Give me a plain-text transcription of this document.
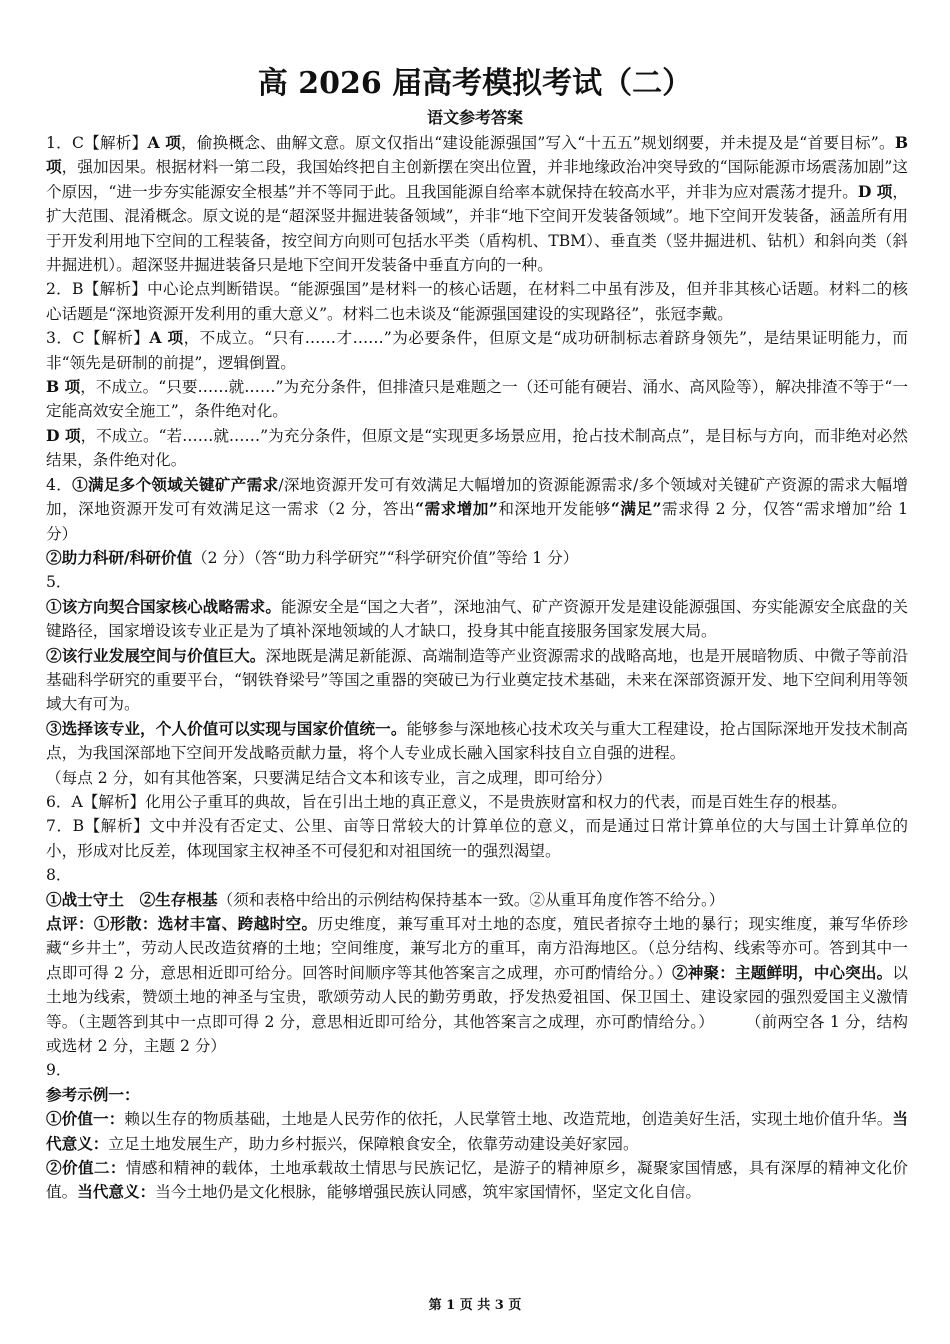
高 2026 届高考模拟考试（二）
语文参考答案

1．C【解析】A 项，偷换概念、曲解文意。原文仅指出“建设能源强国”写入“十五五”规划纲要，并未提及是“首要目标”。B 项，强加因果。根据材料一第二段，我国始终把自主创新摆在突出位置，并非地缘政治冲突导致的“国际能源市场震荡加剧”这个原因，“进一步夯实能源安全根基”并不等同于此。且我国能源自给率本就保持在较高水平，并非为应对震荡才提升。D 项，扩大范围、混淆概念。原文说的是“超深竖井掘进装备领域”，并非“地下空间开发装备领域”。地下空间开发装备，涵盖所有用于开发利用地下空间的工程装备，按空间方向则可包括水平类（盾构机、TBM）、垂直类（竖井掘进机、钻机）和斜向类（斜井掘进机）。超深竖井掘进装备只是地下空间开发装备中垂直方向的一种。

2．B【解析】中心论点判断错误。“能源强国”是材料一的核心话题，在材料二中虽有涉及，但并非其核心话题。材料二的核心话题是“深地资源开发利用的重大意义”。材料二也未谈及“能源强国建设的实现路径”，张冠李戴。

3．C【解析】A 项，不成立。“只有……才……”为必要条件，但原文是“成功研制标志着跻身领先”，是结果证明能力，而非“领先是研制的前提”，逻辑倒置。

B 项，不成立。“只要……就……”为充分条件，但排渣只是难题之一（还可能有硬岩、涌水、高风险等），解决排渣不等于“一定能高效安全施工”，条件绝对化。

D 项，不成立。“若……就……”为充分条件，但原文是“实现更多场景应用，抢占技术制高点”，是目标与方向，而非绝对必然结果，条件绝对化。

4．①满足多个领域关键矿产需求/深地资源开发可有效满足大幅增加的资源能源需求/多个领域对关键矿产资源的需求大幅增加，深地资源开发可有效满足这一需求（2 分，答出“需求增加”和深地开发能够“满足”需求得 2 分，仅答“需求增加”给 1 分）

②助力科研/科研价值（2 分）（答“助力科学研究”“科学研究价值”等给 1 分）

5．

①该方向契合国家核心战略需求。能源安全是“国之大者”，深地油气、矿产资源开发是建设能源强国、夯实能源安全底盘的关键路径，国家增设该专业正是为了填补深地领域的人才缺口，投身其中能直接服务国家发展大局。

②该行业发展空间与价值巨大。深地既是满足新能源、高端制造等产业资源需求的战略高地，也是开展暗物质、中微子等前沿基础科学研究的重要平台，“钢铁脊梁号”等国之重器的突破已为行业奠定技术基础，未来在深部资源开发、地下空间利用等领域大有可为。

③选择该专业，个人价值可以实现与国家价值统一。能够参与深地核心技术攻关与重大工程建设，抢占国际深地开发技术制高点，为我国深部地下空间开发战略贡献力量，将个人专业成长融入国家科技自立自强的进程。

（每点 2 分，如有其他答案，只要满足结合文本和该专业，言之成理，即可给分）

6．A【解析】化用公子重耳的典故，旨在引出土地的真正意义，不是贵族财富和权力的代表，而是百姓生存的根基。

7．B【解析】文中并没有否定丈、公里、亩等日常较大的计算单位的意义，而是通过日常计算单位的大与国土计算单位的小，形成对比反差，体现国家主权神圣不可侵犯和对祖国统一的强烈渴望。

8．

①战士守土　②生存根基（须和表格中给出的示例结构保持基本一致。②从重耳角度作答不给分。）

点评：①形散：选材丰富、跨越时空。历史维度，兼写重耳对土地的态度，殖民者掠夺土地的暴行；现实维度，兼写华侨珍藏“乡井土”，劳动人民改造贫瘠的土地；空间维度，兼写北方的重耳，南方沿海地区。（总分结构、线索等亦可。答到其中一点即可得 2 分，意思相近即可给分。回答时间顺序等其他答案言之成理，亦可酌情给分。）②神聚：主题鲜明，中心突出。以土地为线索，赞颂土地的神圣与宝贵，歌颂劳动人民的勤劳勇敢，抒发热爱祖国、保卫国土、建设家园的强烈爱国主义激情等。（主题答到其中一点即可得 2 分，意思相近即可给分，其他答案言之成理，亦可酌情给分。）　　　（前两空各 1 分，结构或选材 2 分，主题 2 分）

9．

参考示例一：

①价值一：赖以生存的物质基础，土地是人民劳作的依托，人民掌管土地、改造荒地，创造美好生活，实现土地价值升华。当代意义：立足土地发展生产，助力乡村振兴，保障粮食安全，依靠劳动建设美好家园。

②价值二：情感和精神的载体，土地承载故土情思与民族记忆，是游子的精神原乡，凝聚家国情感，具有深厚的精神文化价值。当代意义：当今土地仍是文化根脉，能够增强民族认同感，筑牢家国情怀，坚定文化自信。

第 1 页 共 3 页
